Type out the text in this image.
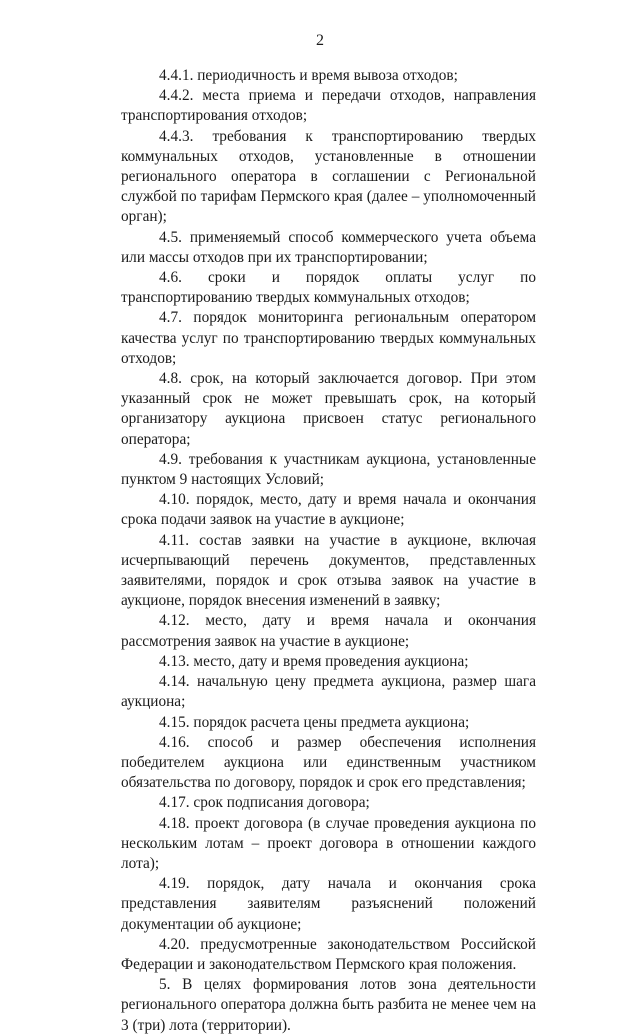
2

4.4.1. периодичность и время вывоза отходов;

4.4.2. места приема и передачи отходов, направления транспортирования отходов;

4.4.3. требования к транспортированию твердых коммунальных отходов, установленные в отношении регионального оператора в соглашении с Региональной службой по тарифам Пермского края (далее – уполномоченный орган);

4.5. применяемый способ коммерческого учета объема или массы отходов при их транспортировании;

4.6. сроки и порядок оплаты услуг по транспортированию твердых коммунальных отходов;

4.7. порядок мониторинга региональным оператором качества услуг по транспортированию твердых коммунальных отходов;

4.8. срок, на который заключается договор. При этом указанный срок не может превышать срок, на который организатору аукциона присвоен статус регионального оператора;

4.9. требования к участникам аукциона, установленные пунктом 9 настоящих Условий;

4.10. порядок, место, дату и время начала и окончания срока подачи заявок на участие в аукционе;

4.11. состав заявки на участие в аукционе, включая исчерпывающий перечень документов, представленных заявителями, порядок и срок отзыва заявок на участие в аукционе, порядок внесения изменений в заявку;

4.12. место, дату и время начала и окончания рассмотрения заявок на участие в аукционе;

4.13. место, дату и время проведения аукциона;

4.14. начальную цену предмета аукциона, размер шага аукциона;

4.15. порядок расчета цены предмета аукциона;

4.16. способ и размер обеспечения исполнения победителем аукциона или единственным участником обязательства по договору, порядок и срок его представления;

4.17. срок подписания договора;

4.18. проект договора (в случае проведения аукциона по нескольким лотам – проект договора в отношении каждого лота);

4.19. порядок, дату начала и окончания срока представления заявителям разъяснений положений документации об аукционе;

4.20. предусмотренные законодательством Российской Федерации и законодательством Пермского края положения.

5. В целях формирования лотов зона деятельности регионального оператора должна быть разбита не менее чем на 3 (три) лота (территории).
